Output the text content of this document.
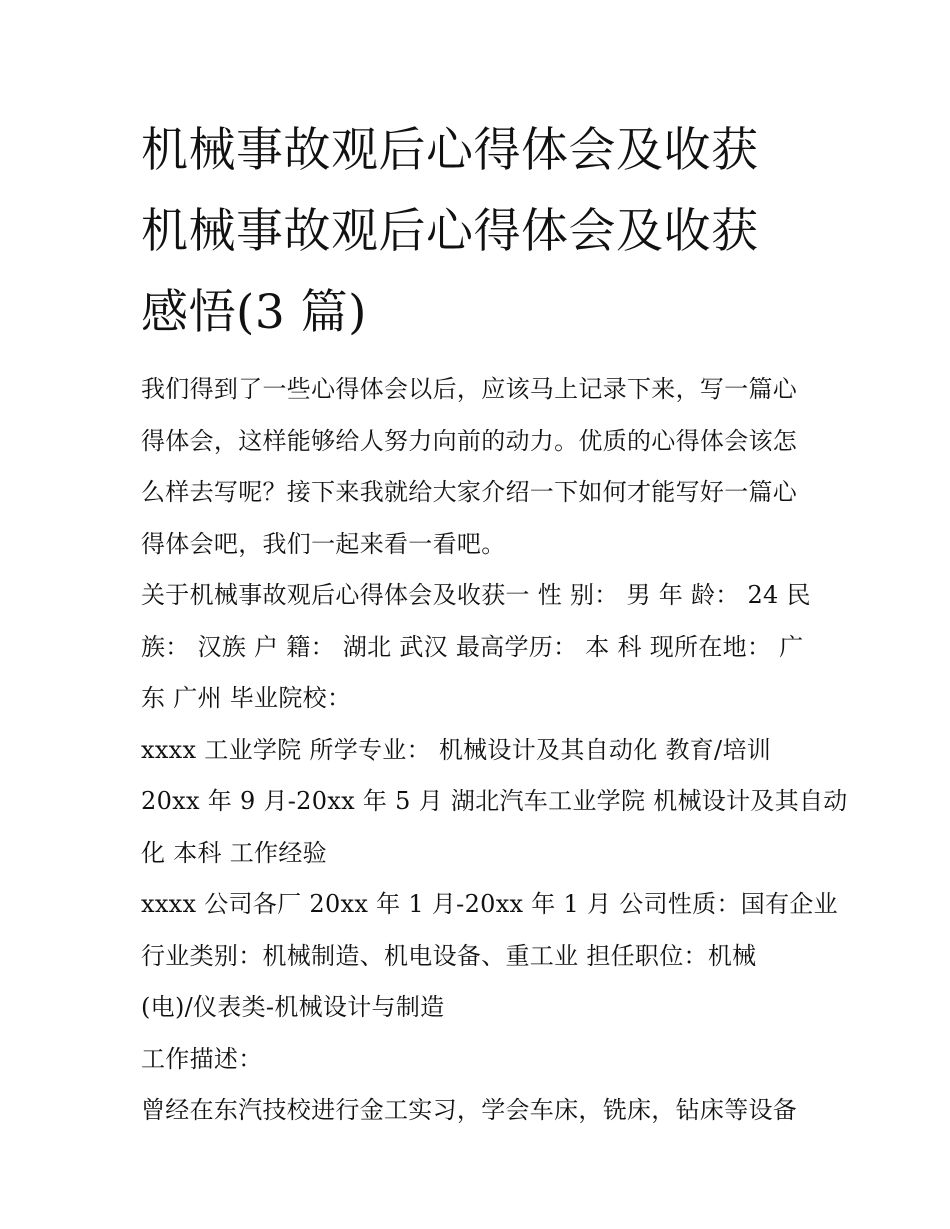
机械事故观后心得体会及收获
机械事故观后心得体会及收获
感悟(3 篇)

我们得到了一些心得体会以后，应该马上记录下来，写一篇心

得体会，这样能够给人努力向前的动力。优质的心得体会该怎

么样去写呢？接下来我就给大家介绍一下如何才能写好一篇心

得体会吧，我们一起来看一看吧。

关于机械事故观后心得体会及收获一 性 别： 男 年 龄： 24 民

族： 汉族 户 籍： 湖北 武汉 最高学历： 本 科 现所在地： 广

东 广州 毕业院校：

xxxx 工业学院 所学专业： 机械设计及其自动化 教育/培训

20xx 年 9 月-20xx 年 5 月 湖北汽车工业学院 机械设计及其自动

化 本科 工作经验

xxxx 公司各厂 20xx 年 1 月-20xx 年 1 月 公司性质：国有企业

行业类别：机械制造、机电设备、重工业 担任职位：机械

(电)/仪表类-机械设计与制造

工作描述：

曾经在东汽技校进行金工实习，学会车床，铣床，钻床等设备
